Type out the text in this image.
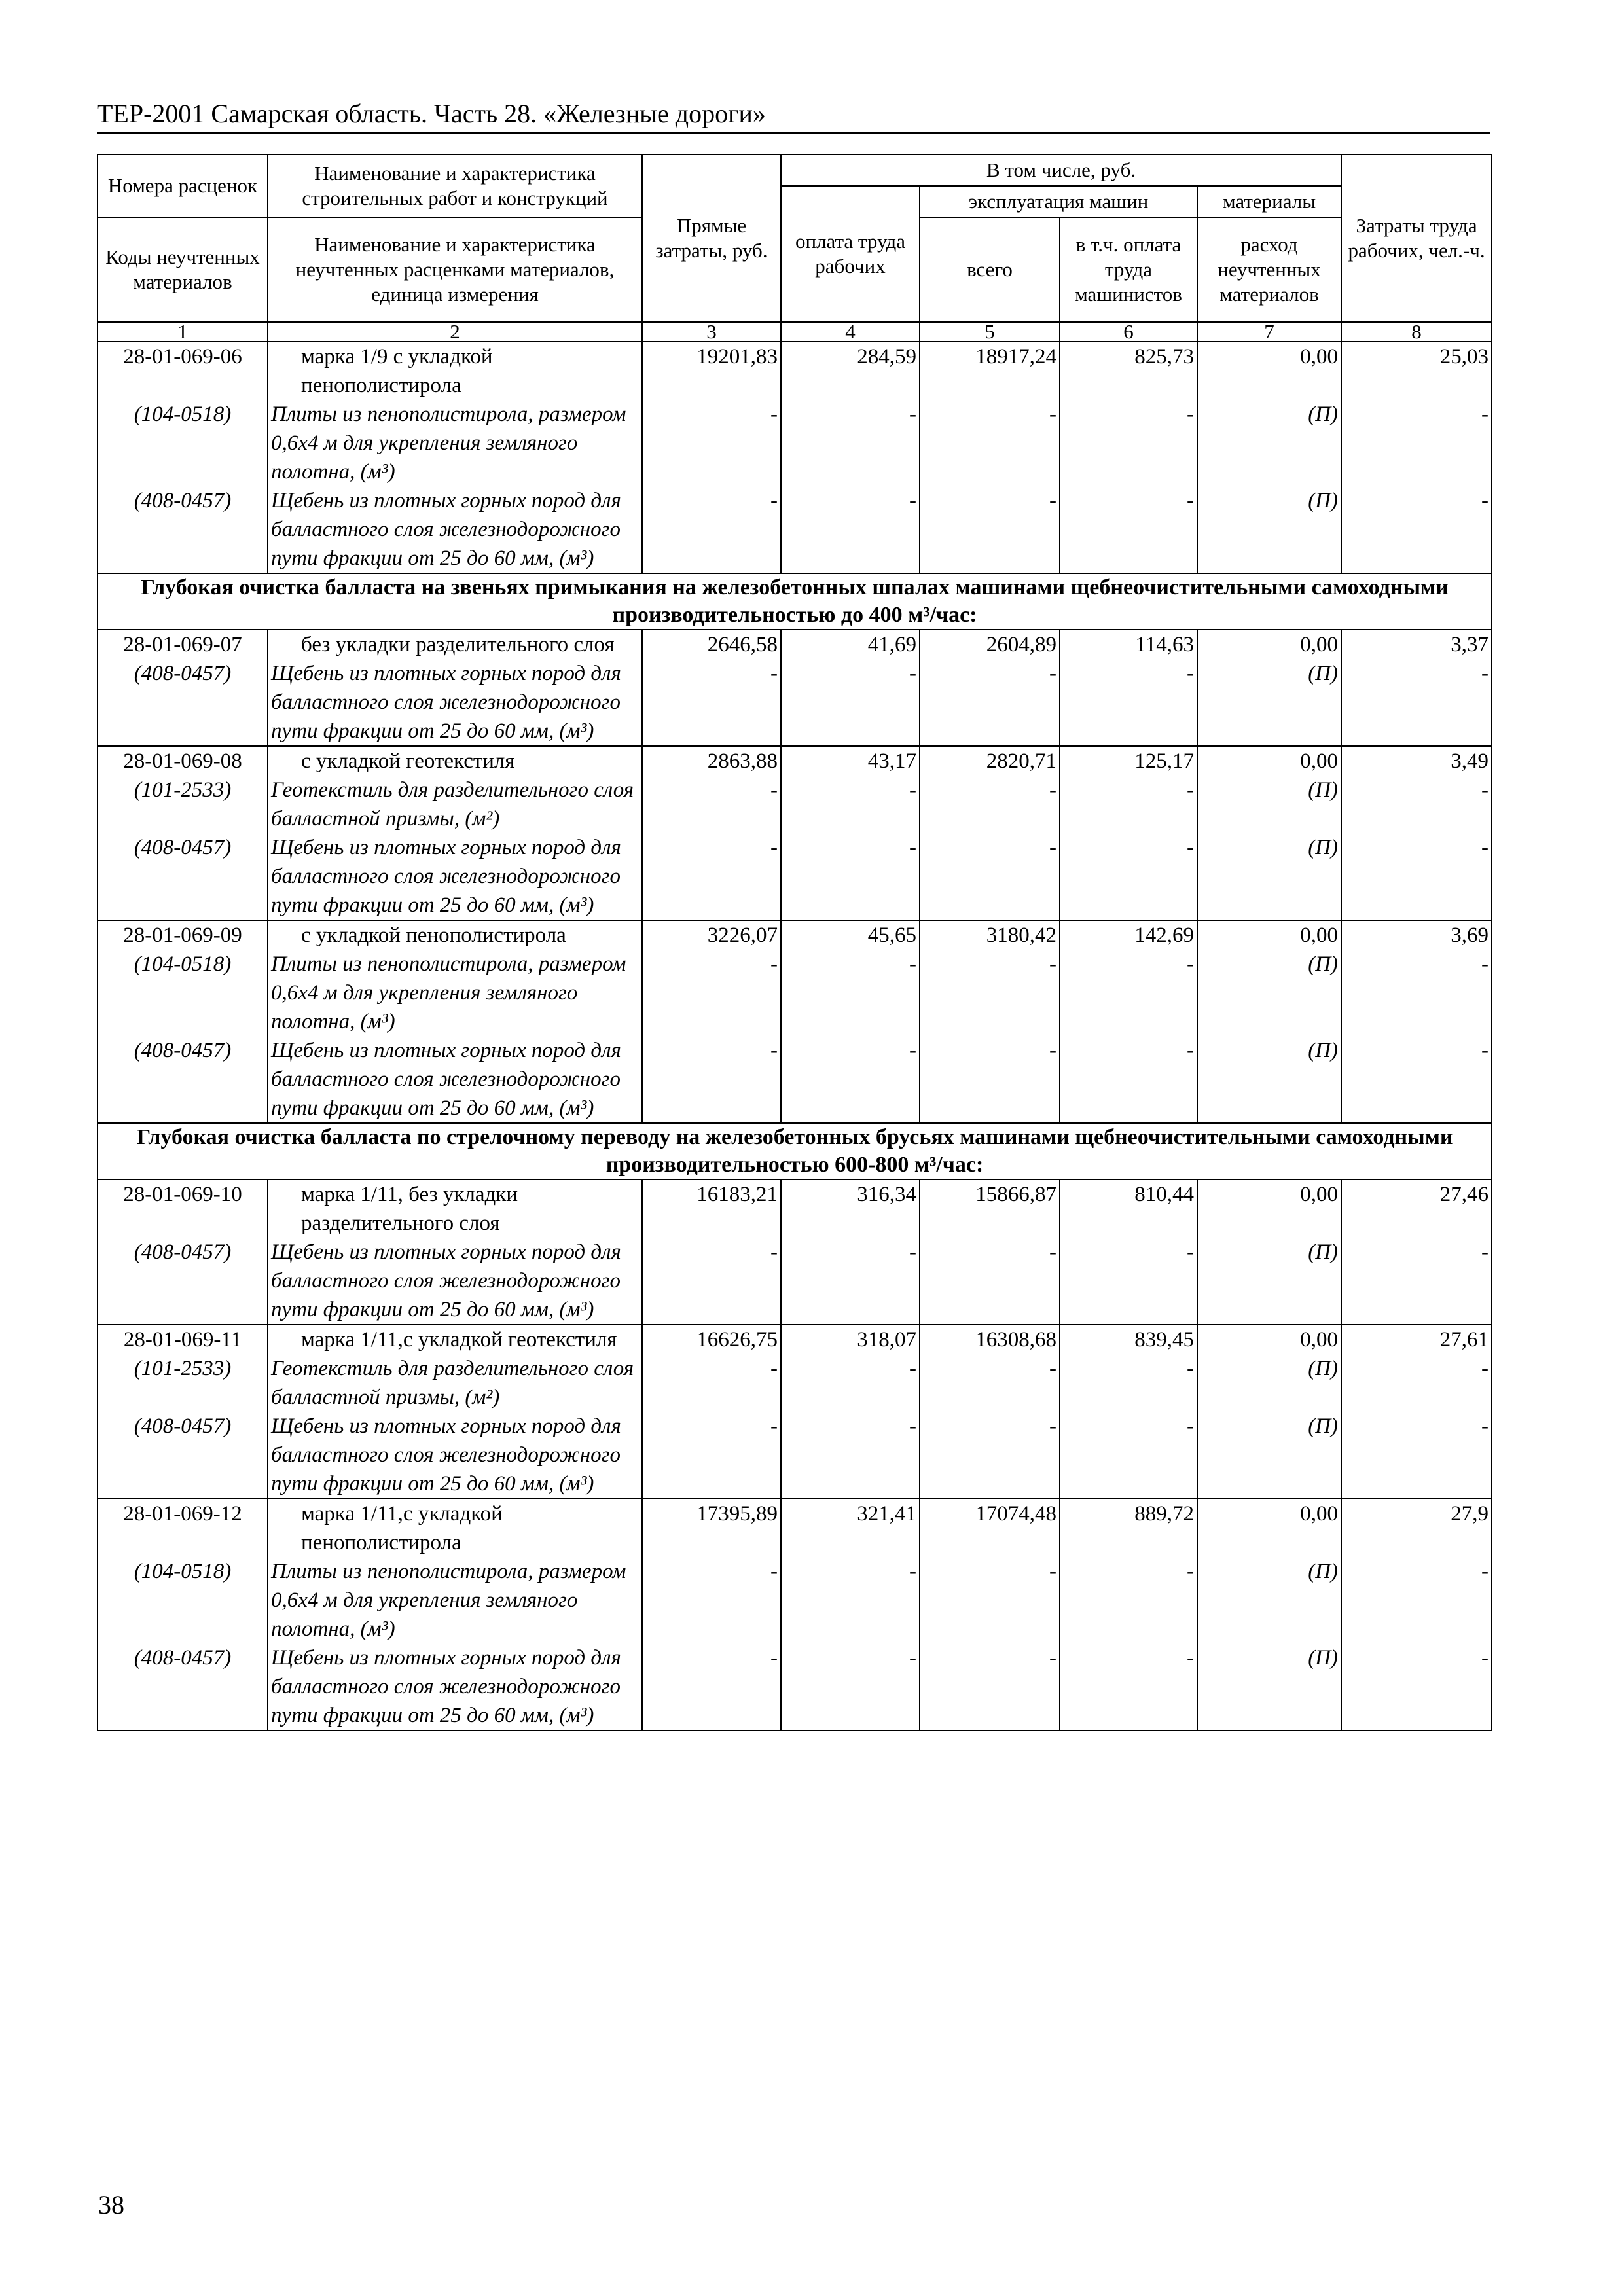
ТЕР-2001 Самарская область. Часть 28. «Железные дороги»
Номера расценок	Наименование и характеристика строительных работ и конструкций	Прямые затраты, руб.	В том числе, руб.				Затраты труда рабочих, чел.-ч.
			оплата труда рабочих	эксплуатация машин		материалы	
Коды неучтенных материалов	Наименование и характеристика неучтенных расценками материалов, единица измерения			всего	в т.ч. оплата труда машинистов	расход неучтенных материалов	

1	2	3	4	5	6	7	8
28-01-069-06	марка 1/9 с укладкой пенополистирола	19201,83	284,59	18917,24	825,73	0,00	25,03
(104-0518)	Плиты из пенополистирола, размером 0,6х4 м для укрепления земляного полотна, (м³)	-	-	-	-	(П)	-
(408-0457)	Щебень из плотных горных пород для балластного слоя железнодорожного пути фракции от 25 до 60 мм, (м³)	-	-	-	-	(П)	-
Глубокая очистка балласта на звеньях примыкания на железобетонных шпалах машинами щебнеочистительными самоходными производительностью до 400 м³/час:							
28-01-069-07	без укладки разделительного слоя	2646,58	41,69	2604,89	114,63	0,00	3,37
(408-0457)	Щебень из плотных горных пород для балластного слоя железнодорожного пути фракции от 25 до 60 мм, (м³)	-	-	-	-	(П)	-
28-01-069-08	с укладкой геотекстиля	2863,88	43,17	2820,71	125,17	0,00	3,49
(101-2533)	Геотекстиль для разделительного слоя балластной призмы, (м²)	-	-	-	-	(П)	-
(408-0457)	Щебень из плотных горных пород для балластного слоя железнодорожного пути фракции от 25 до 60 мм, (м³)	-	-	-	-	(П)	-
28-01-069-09	с укладкой пенополистирола	3226,07	45,65	3180,42	142,69	0,00	3,69
(104-0518)	Плиты из пенополистирола, размером 0,6х4 м для укрепления земляного полотна, (м³)	-	-	-	-	(П)	-
(408-0457)	Щебень из плотных горных пород для балластного слоя железнодорожного пути фракции от 25 до 60 мм, (м³)	-	-	-	-	(П)	-
Глубокая очистка балласта по стрелочному переводу на железобетонных брусьях машинами щебнеочистительными самоходными производительностью 600-800 м³/час:							
28-01-069-10	марка 1/11, без укладки разделительного слоя	16183,21	316,34	15866,87	810,44	0,00	27,46
(408-0457)	Щебень из плотных горных пород для балластного слоя железнодорожного пути фракции от 25 до 60 мм, (м³)	-	-	-	-	(П)	-
28-01-069-11	марка 1/11,с укладкой геотекстиля	16626,75	318,07	16308,68	839,45	0,00	27,61
(101-2533)	Геотекстиль для разделительного слоя балластной призмы, (м²)	-	-	-	-	(П)	-
(408-0457)	Щебень из плотных горных пород для балластного слоя железнодорожного пути фракции от 25 до 60 мм, (м³)	-	-	-	-	(П)	-
28-01-069-12	марка 1/11,с укладкой пенополистирола	17395,89	321,41	17074,48	889,72	0,00	27,9
(104-0518)	Плиты из пенополистирола, размером 0,6х4 м для укрепления земляного полотна, (м³)	-	-	-	-	(П)	-
(408-0457)	Щебень из плотных горных пород для балластного слоя железнодорожного пути фракции от 25 до 60 мм, (м³)	-	-	-	-	(П)	-
38
